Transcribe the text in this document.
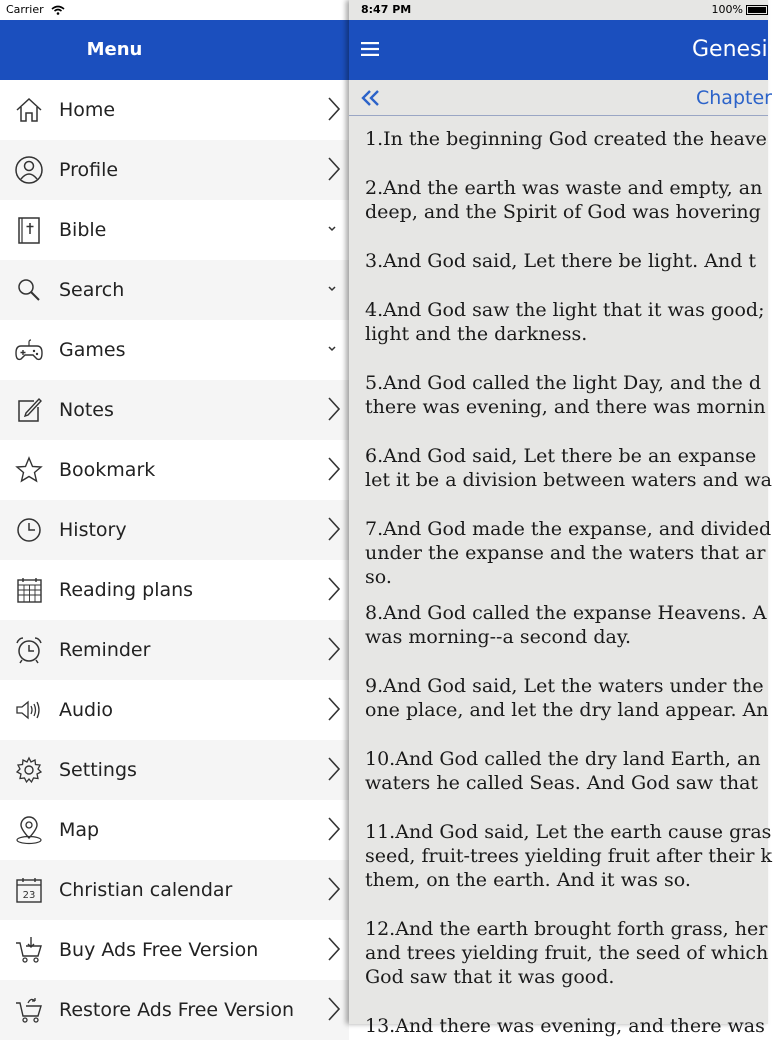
Carrier
Menu
Home
Profile
Bible
Search
Games
Notes
Bookmark
History
Reading plans
Reminder
Audio
Settings
Map
23 Christian calendar
Buy Ads Free Version
Restore Ads Free Version
8:47 PM	100%
Genesis
Chapter

1.In the beginning God created the heave

2.And the earth was waste and empty, an
deep, and the Spirit of God was hovering

3.And God said, Let there be light. And t

4.And God saw the light that it was good;
light and the darkness.

5.And God called the light Day, and the d
there was evening, and there was mornin

6.And God said, Let there be an expanse
let it be a division between waters and wa

7.And God made the expanse, and divided
under the expanse and the waters that ar
so.

8.And God called the expanse Heavens. A
was morning--a second day.

9.And God said, Let the waters under the
one place, and let the dry land appear. An

10.And God called the dry land Earth, an
waters he called Seas. And God saw that

11.And God said, Let the earth cause gras
seed, fruit-trees yielding fruit after their k
them, on the earth. And it was so.

12.And the earth brought forth grass, her
and trees yielding fruit, the seed of which
God saw that it was good.

13.And there was evening, and there was
